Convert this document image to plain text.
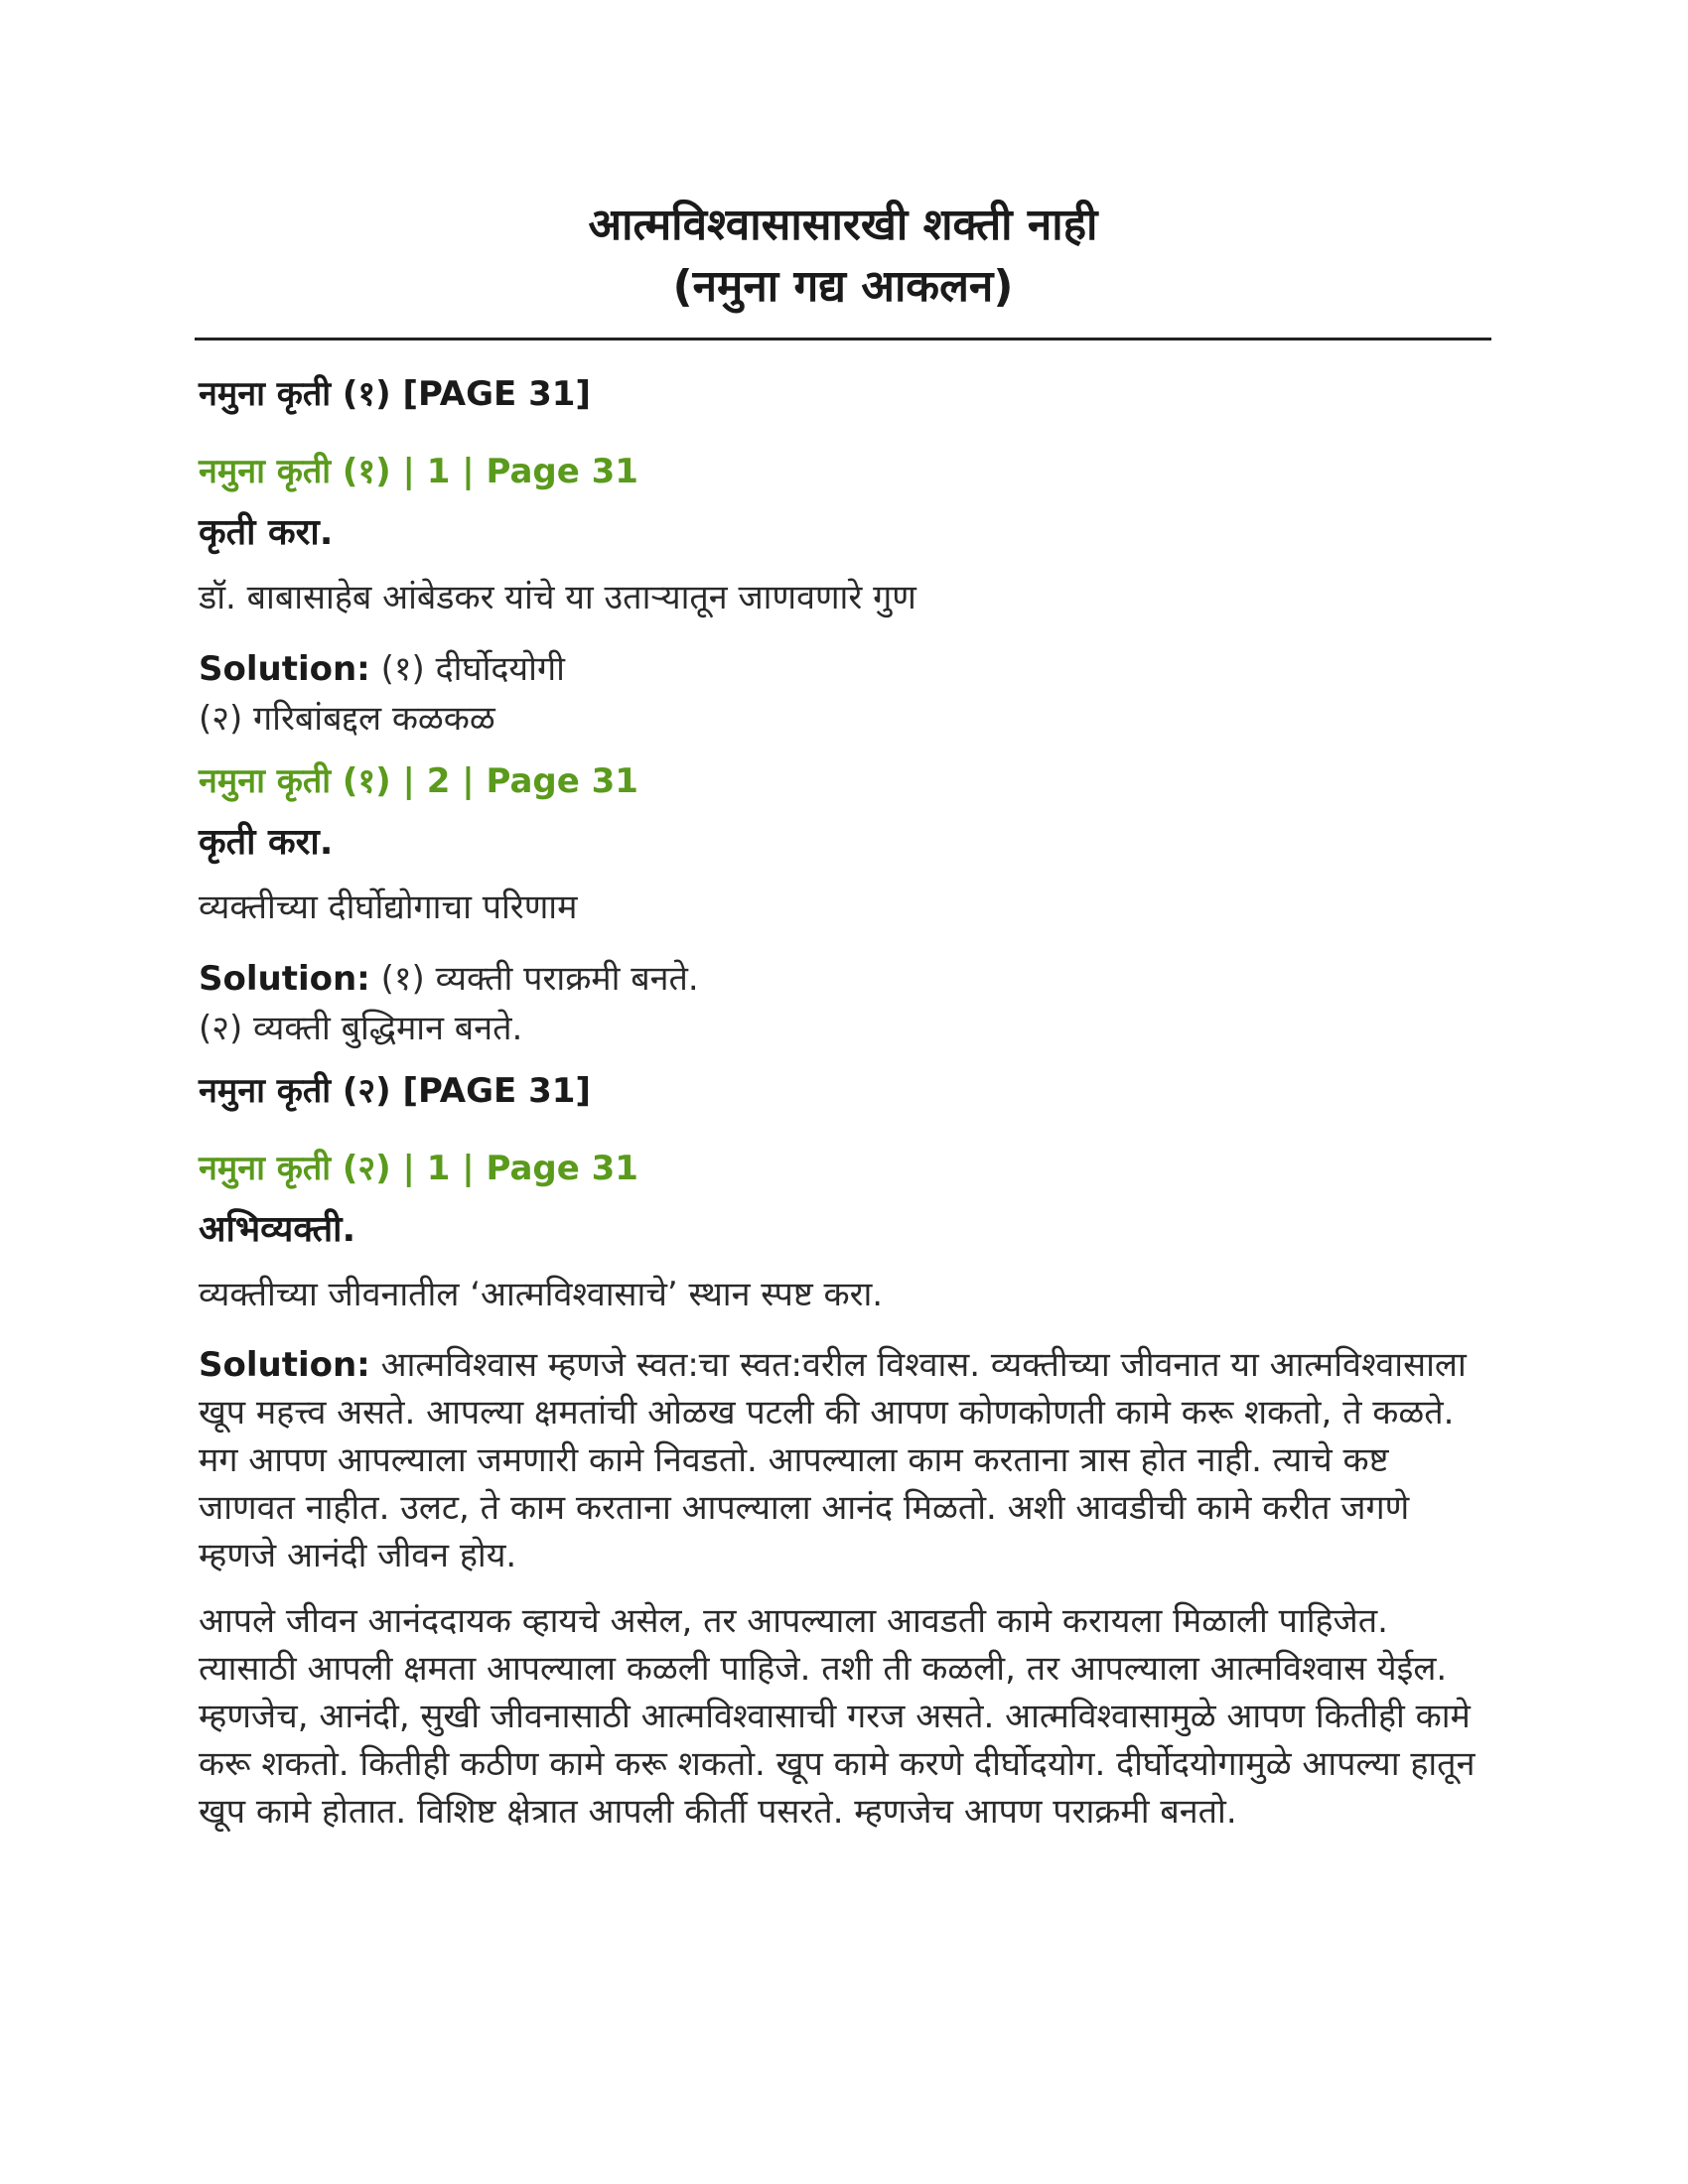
आत्मविश्वासासारखी शक्ती नाही

(नमुना गद्य आकलन)

नमुना कृती (१) [PAGE 31]

नमुना कृती (१) | 1 | Page 31

कृती करा.

डॉ. बाबासाहेब आंबेडकर यांचे या उताऱ्यातून जाणवणारे गुण

Solution: (१) दीर्घोदयोगी
(२) गरिबांबद्दल कळकळ

नमुना कृती (१) | 2 | Page 31

कृती करा.

व्यक्तीच्या दीर्घोद्योगाचा परिणाम

Solution: (१) व्यक्ती पराक्रमी बनते.
(२) व्यक्ती बुद्धिमान बनते.

नमुना कृती (२) [PAGE 31]

नमुना कृती (२) | 1 | Page 31

अभिव्यक्ती.

व्यक्तीच्या जीवनातील ‘आत्मविश्वासाचे’ स्थान स्पष्ट करा.

Solution: आत्मविश्वास म्हणजे स्वत:चा स्वत:वरील विश्वास. व्यक्तीच्या जीवनात या आत्मविश्वासाला खूप महत्त्व असते. आपल्या क्षमतांची ओळख पटली की आपण कोणकोणती कामे करू शकतो, ते कळते. मग आपण आपल्याला जमणारी कामे निवडतो. आपल्याला काम करताना त्रास होत नाही. त्याचे कष्ट जाणवत नाहीत. उलट, ते काम करताना आपल्याला आनंद मिळतो. अशी आवडीची कामे करीत जगणे म्हणजे आनंदी जीवन होय.

आपले जीवन आनंददायक व्हायचे असेल, तर आपल्याला आवडती कामे करायला मिळाली पाहिजेत. त्यासाठी आपली क्षमता आपल्याला कळली पाहिजे. तशी ती कळली, तर आपल्याला आत्मविश्वास येईल. म्हणजेच, आनंदी, सुखी जीवनासाठी आत्मविश्वासाची गरज असते. आत्मविश्वासामुळे आपण कितीही कामे करू शकतो. कितीही कठीण कामे करू शकतो. खूप कामे करणे दीर्घोदयोग. दीर्घोदयोगामुळे आपल्या हातून खूप कामे होतात. विशिष्ट क्षेत्रात आपली कीर्ती पसरते. म्हणजेच आपण पराक्रमी बनतो.
